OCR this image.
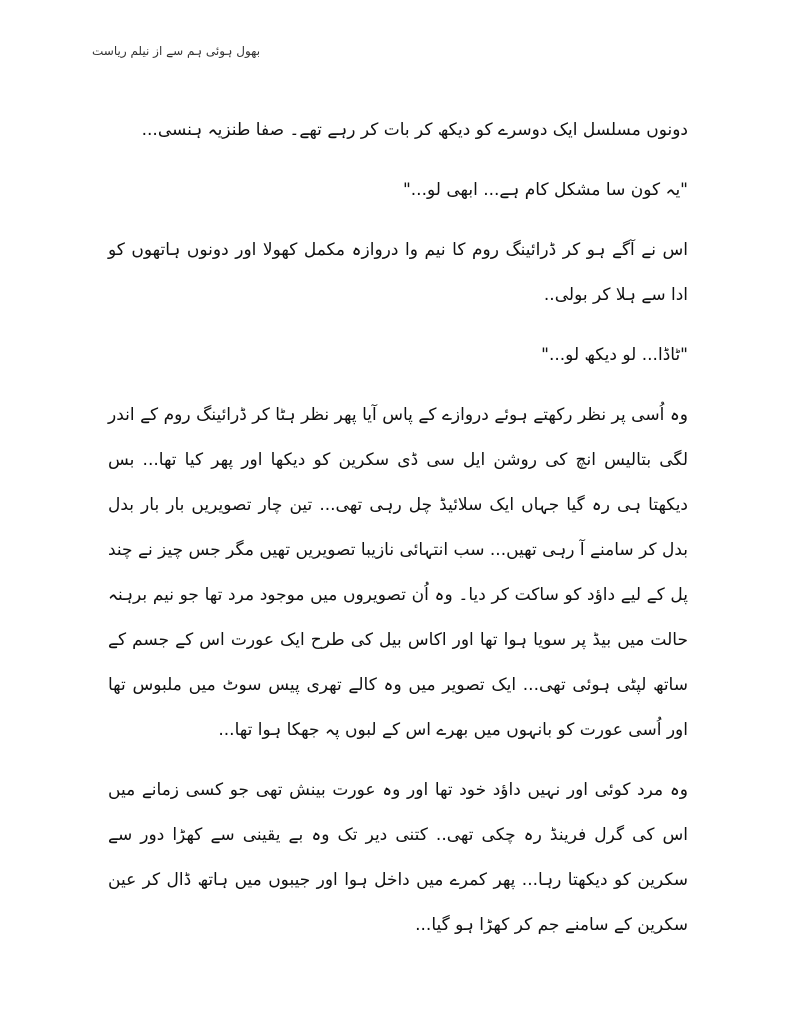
بھول ہوئی ہم سے از نیلم ریاست

دونوں مسلسل ایک دوسرے کو دیکھ کر بات کر رہے تھے۔ صفا طنزیہ ہنسی...

"یہ کون سا مشکل کام ہے... ابھی لو..."

اس نے آگے ہو کر ڈرائینگ روم کا نیم وا دروازہ مکمل کھولا اور دونوں ہاتھوں کو ادا سے ہلا کر بولی..

"ٹاڈا... لو دیکھ لو..."

وہ اُسی پر نظر رکھتے ہوئے دروازے کے پاس آیا پھر نظر ہٹا کر ڈرائینگ روم کے اندر لگی بتالیس انچ کی روشن ایل سی ڈی سکرین کو دیکھا اور پھر کیا تھا... بس دیکھتا ہی رہ گیا جہاں ایک سلائیڈ چل رہی تھی... تین چار تصویریں بار بار بدل بدل کر سامنے آ رہی تھیں... سب انتہائی نازیبا تصویریں تھیں مگر جس چیز نے چند پل کے لیے داؤد کو ساکت کر دیا۔ وہ اُن تصویروں میں موجود مرد تھا جو نیم برہنہ حالت میں بیڈ پر سویا ہوا تھا اور اکاس بیل کی طرح ایک عورت اس کے جسم کے ساتھ لپٹی ہوئی تھی... ایک تصویر میں وہ کالے تھری پیس سوٹ میں ملبوس تھا اور اُسی عورت کو بانہوں میں بھرے اس کے لبوں پہ جھکا ہوا تھا...

وہ مرد کوئی اور نہیں داؤد خود تھا اور وہ عورت بینش تھی جو کسی زمانے میں اس کی گرل فرینڈ رہ چکی تھی.. کتنی دیر تک وہ بے یقینی سے کھڑا دور سے سکرین کو دیکھتا رہا... پھر کمرے میں داخل ہوا اور جیبوں میں ہاتھ ڈال کر عین سکرین کے سامنے جم کر کھڑا ہو گیا...
